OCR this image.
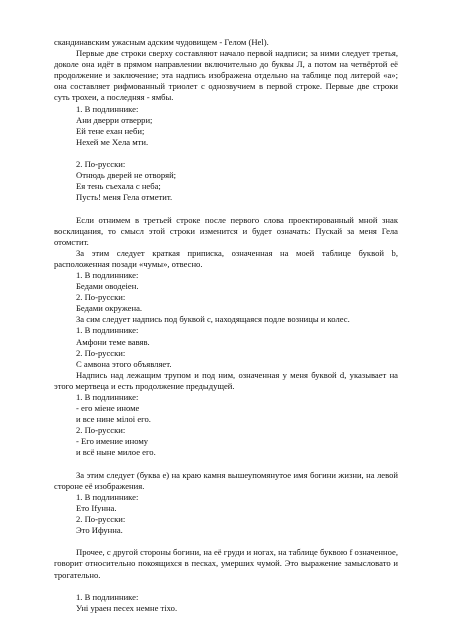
скандинавским ужасным адским чудовищем - Гелом (Hel).

Первые две строки сверху составляют начало первой надписи; за ними следует третья, доколе она идёт в прямом направлении включительно до буквы Л, а потом на четвёртой её продолжение и заключение; эта надпись изображена отдельно на таблице под литерой «a»; она составляет рифмованный триолет с однозвучием в первой строке. Первые две строки суть трохеи, а последняя - ямбы.

1. В подлиннике:

Ани дверри отверри;

Ей тене ехан неби;

Нехей ме Хела мти.

2. По-русски:

Отнюдь дверей не отворяй;

Ея тень съехала с неба;

Пусть! меня Гела отметит.

Если отнимем в третьей строке после первого слова проектированный мной знак восклицания, то смысл этой строки изменится и будет означать: Пускай за меня Гела отомстит.

За этим следует краткая приписка, означенная на моей таблице буквой b, расположенная позади «чумы», отвесно.

1. В подлиннике:

Бедами оводеіен.

2. По-русски:

Бедами окружена.

За сим следует надпись под буквой с, находящаяся подле возницы и колес.

1. В подлиннике:

Амфони теме вавяв.

2. По-русски:

С амвона этого объявляет.

Надпись над лежащим трупом и под ним, означенная у меня буквой d, указывает на этого мертвеца и есть продолжение предыдущей.

1. В подлиннике:

- его міене иноме

и все нине мілоі его.

2. По-русски:

- Его имение иному

и всё ныне милое его.

За этим следует (буква е) на краю камня вышеупомянутое имя богини жизни, на левой стороне её изображения.

1. В подлиннике:

Ето Ifунна.

2. По-русски:

Это Ифунна.

Прочее, с другой стороны богини, на её груди и ногах, на таблице буквою f означенное, говорит относительно покоящихся в песках, умерших чумой. Это выражение замысловато и трогательно.

1. В подлиннике:

Уні ураен песех немне тіхо.
